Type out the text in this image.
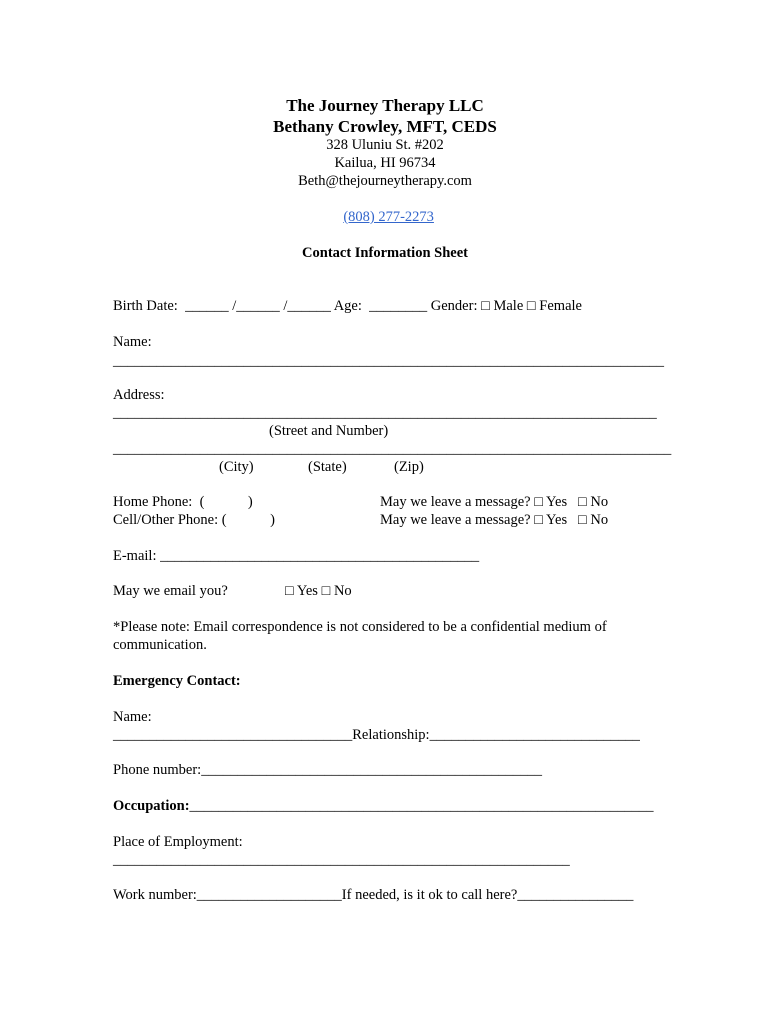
The Journey Therapy LLC
Bethany Crowley, MFT, CEDS
328 Uluniu St. #202
Kailua, HI 96734
Beth@thejourneytherapy.com

(808) 277-2273

Contact Information Sheet
Birth Date:  ______ /______ /______ Age:  ________ Gender: □ Male □ Female
Name:
____________________________________________________________________________
Address:
___________________________________________________________________________
(Street and Number)
_____________________________________________________________________________
(City)	(State)	(Zip)
Home Phone:  (            )	May we leave a message? □ Yes   □ No
Cell/Other Phone: (            )	May we leave a message? □ Yes   □ No
E-mail: ____________________________________________
May we email you?	□ Yes □ No
*Please note: Email correspondence is not considered to be a confidential medium of
communication.
Emergency Contact:
Name:
_________________________________Relationship:_____________________________
Phone number:_______________________________________________
Occupation:________________________________________________________________
Place of Employment:
_______________________________________________________________
Work number:____________________If needed, is it ok to call here?________________
